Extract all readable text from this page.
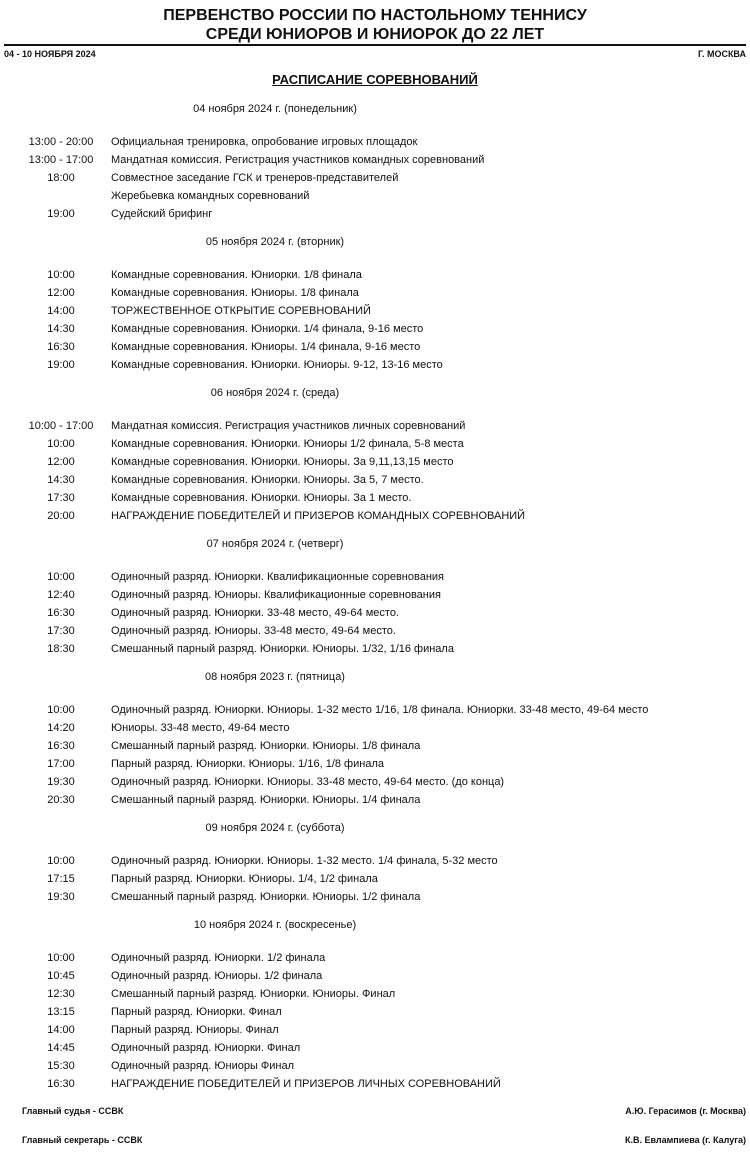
ПЕРВЕНСТВО РОССИИ ПО НАСТОЛЬНОМУ ТЕННИСУ
СРЕДИ ЮНИОРОВ И ЮНИОРОК ДО 22 ЛЕТ
04 - 10 НОЯБРЯ 2024	Г. МОСКВА
РАСПИСАНИЕ СОРЕВНОВАНИЙ
04 ноября 2024 г. (понедельник)
13:00 - 20:00	Официальная тренировка, опробование игровых площадок
13:00 - 17:00	Мандатная комиссия. Регистрация участников командных соревнований
18:00	Совместное заседание ГСК и тренеров-представителей
Жеребьевка командных соревнований
19:00	Судейский брифинг
05 ноября 2024 г. (вторник)
10:00	Командные соревнования. Юниорки. 1/8 финала
12:00	Командные соревнования. Юниоры. 1/8 финала
14:00	ТОРЖЕСТВЕННОЕ ОТКРЫТИЕ СОРЕВНОВАНИЙ
14:30	Командные соревнования. Юниорки. 1/4 финала, 9-16 место
16:30	Командные соревнования. Юниоры. 1/4 финала, 9-16 место
19:00	Командные соревнования. Юниорки. Юниоры. 9-12, 13-16 место
06 ноября 2024 г. (среда)
10:00 - 17:00	Мандатная комиссия. Регистрация участников личных соревнований
10:00	Командные соревнования. Юниорки. Юниоры 1/2 финала, 5-8 места
12:00	Командные соревнования. Юниорки. Юниоры. За 9,11,13,15 место
14:30	Командные соревнования. Юниорки. Юниоры. За 5, 7 место.
17:30	Командные соревнования. Юниорки. Юниоры. За 1 место.
20:00	НАГРАЖДЕНИЕ ПОБЕДИТЕЛЕЙ И ПРИЗЕРОВ КОМАНДНЫХ СОРЕВНОВАНИЙ
07 ноября 2024 г. (четверг)
10:00	Одиночный разряд. Юниорки. Квалификационные соревнования
12:40	Одиночный разряд. Юниоры. Квалификационные соревнования
16:30	Одиночный разряд. Юниорки. 33-48 место, 49-64 место.
17:30	Одиночный разряд. Юниоры. 33-48 место, 49-64 место.
18:30	Смешанный парный разряд. Юниорки. Юниоры. 1/32, 1/16 финала
08 ноября 2023 г. (пятница)
10:00	Одиночный разряд. Юниорки. Юниоры. 1-32 место 1/16, 1/8 финала. Юниорки. 33-48 место, 49-64 место
14:20	Юниоры. 33-48 место, 49-64 место
16:30	Смешанный парный разряд. Юниорки. Юниоры. 1/8 финала
17:00	Парный разряд. Юниорки. Юниоры. 1/16, 1/8 финала
19:30	Одиночный разряд. Юниорки. Юниоры. 33-48 место, 49-64 место. (до конца)
20:30	Смешанный парный разряд. Юниорки. Юниоры. 1/4 финала
09 ноября 2024 г. (суббота)
10:00	Одиночный разряд. Юниорки. Юниоры. 1-32 место. 1/4 финала, 5-32 место
17:15	Парный разряд. Юниорки. Юниоры. 1/4, 1/2 финала
19:30	Смешанный парный разряд. Юниорки. Юниоры. 1/2 финала
10 ноября 2024 г. (воскресенье)
10:00	Одиночный разряд. Юниорки. 1/2 финала
10:45	Одиночный разряд. Юниоры. 1/2 финала
12:30	Смешанный парный разряд. Юниорки. Юниоры. Финал
13:15	Парный разряд. Юниорки. Финал
14:00	Парный разряд. Юниоры. Финал
14:45	Одиночный разряд. Юниорки. Финал
15:30	Одиночный разряд. Юниоры Финал
16:30	НАГРАЖДЕНИЕ ПОБЕДИТЕЛЕЙ И ПРИЗЕРОВ ЛИЧНЫХ СОРЕВНОВАНИЙ
Главный судья - ССВК	А.Ю. Герасимов (г. Москва)
Главный секретарь - ССВК	К.В. Евлампиева (г. Калуга)
